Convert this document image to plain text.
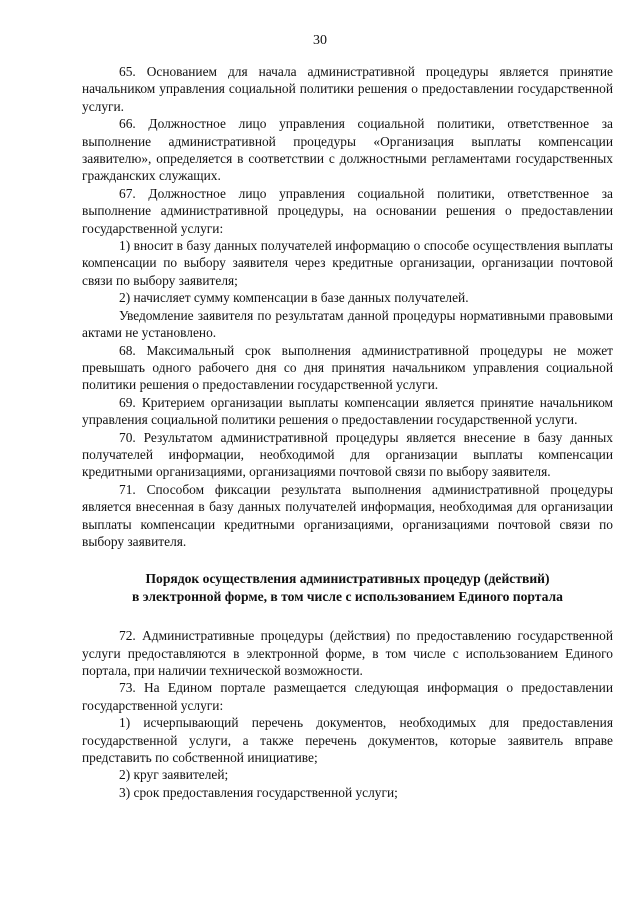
30

65. Основанием для начала административной процедуры является принятие начальником управления социальной политики решения о предоставлении государственной услуги.

66. Должностное лицо управления социальной политики, ответственное за выполнение административной процедуры «Организация выплаты компенсации заявителю», определяется в соответствии с должностными регламентами государственных гражданских служащих.

67. Должностное лицо управления социальной политики, ответственное за выполнение административной процедуры, на основании решения о предоставлении государственной услуги:

1) вносит в базу данных получателей информацию о способе осуществления выплаты компенсации по выбору заявителя через кредитные организации, организации почтовой связи по выбору заявителя;

2) начисляет сумму компенсации в базе данных получателей.

Уведомление заявителя по результатам данной процедуры нормативными правовыми актами не установлено.

68. Максимальный срок выполнения административной процедуры не может превышать одного рабочего дня со дня принятия начальником управления социальной политики решения о предоставлении государственной услуги.

69. Критерием организации выплаты компенсации является принятие начальником управления социальной политики решения о предоставлении государственной услуги.

70. Результатом административной процедуры является внесение в базу данных получателей информации, необходимой для организации выплаты компенсации кредитными организациями, организациями почтовой связи по выбору заявителя.

71. Способом фиксации результата выполнения административной процедуры является внесенная в базу данных получателей информация, необходимая для организации выплаты компенсации кредитными организациями, организациями почтовой связи по выбору заявителя.

Порядок осуществления административных процедур (действий)
в электронной форме, в том числе с использованием Единого портала

72. Административные процедуры (действия) по предоставлению государственной услуги предоставляются в электронной форме, в том числе с использованием Единого портала, при наличии технической возможности.

73. На Едином портале размещается следующая информация о предоставлении государственной услуги:

1) исчерпывающий перечень документов, необходимых для предоставления государственной услуги, а также перечень документов, которые заявитель вправе представить по собственной инициативе;

2) круг заявителей;

3) срок предоставления государственной услуги;
